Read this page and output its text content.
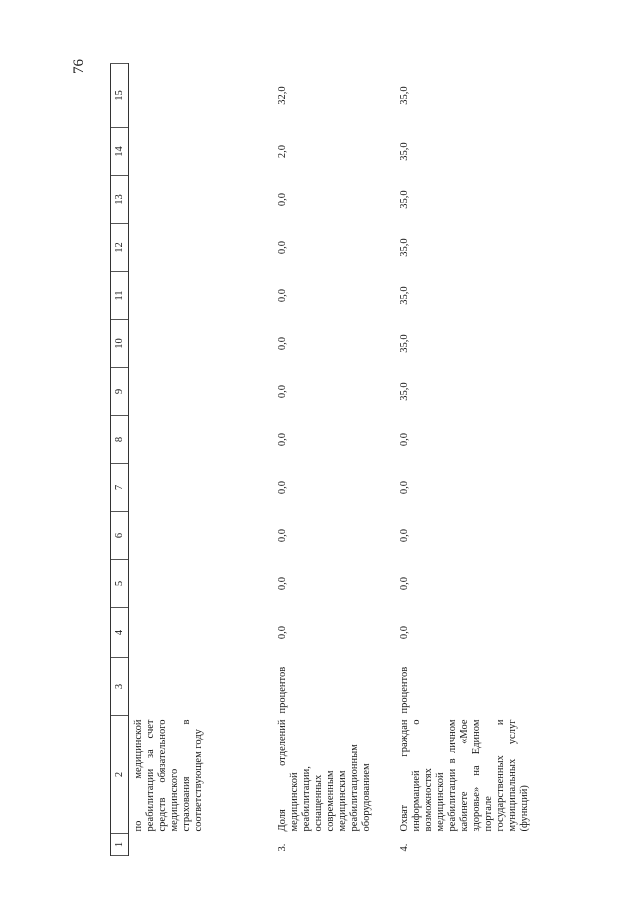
76
1	2	3	4	5	6	7	8	9	10	11	12	13	14	15
	по медицинской реабилитации за счет средств обязательного медицинского страхования в соответствующем году													
3.	Доля отделений медицинской реабилитации, оснащенных современным медицинским реабилитационным оборудованием	процентов	0,0	0,0	0,0	0,0	0,0	0,0	0,0	0,0	0,0	0,0	2,0	32,0
4.	Охват граждан информацией о возможностях медицинской реабилитации в личном кабинете «Мое здоровье» на Едином портале государственных и муниципальных услуг (функций)	процентов	0,0	0,0	0,0	0,0	0,0	35,0	35,0	35,0	35,0	35,0	35,0	35,0
